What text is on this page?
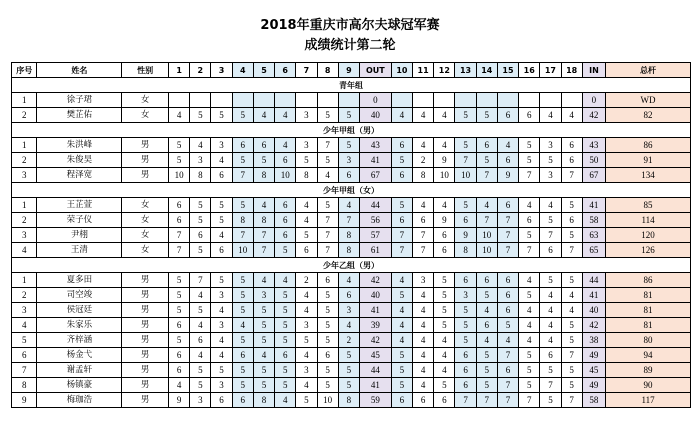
2018年重庆市高尔夫球冠军赛
成绩统计第二轮
序号	姓名	性别	1	2	3	4	5	6	7	8	9	OUT	10	11	12	13	14	15	16	17	18	IN	总杆
青年组																							
1	徐子珺	女										0										0	WD
2	樊芷佑	女	4	5	5	5	4	4	3	5	5	40	4	4	4	5	5	6	6	4	4	42	82
少年甲组（男）																							
1	朱洪峰	男	5	4	3	6	6	4	3	7	5	43	6	4	4	5	6	4	5	3	6	43	86
2	朱俊昊	男	5	3	4	5	5	6	5	5	3	41	5	2	9	7	5	6	5	5	6	50	91
3	程泽宽	男	10	8	6	7	8	10	8	4	6	67	6	8	10	10	7	9	7	3	7	67	134
少年甲组（女）																							
1	王芷萱	女	6	5	5	5	4	6	4	5	4	44	5	4	4	5	4	6	4	4	5	41	85
2	荣子仪	女	6	5	5	8	8	6	4	7	7	56	6	6	9	6	7	7	6	5	6	58	114
3	尹栩	女	7	6	4	7	7	6	5	7	8	57	7	7	6	9	10	7	5	7	5	63	120
4	王清	女	7	5	6	10	7	5	6	7	8	61	7	7	6	8	10	7	7	6	7	65	126
少年乙组（男）																							
1	夏多田	男	5	7	5	5	4	4	2	6	4	42	4	3	5	6	6	6	4	5	5	44	86
2	司空竣	男	5	4	3	5	3	5	4	5	6	40	5	4	5	3	5	6	5	4	4	41	81
3	侯冠廷	男	5	5	4	5	5	5	4	5	3	41	4	4	5	5	4	6	4	4	4	40	81
4	朱家乐	男	6	4	3	4	5	5	3	5	4	39	4	4	5	5	6	5	4	4	5	42	81
5	齐梓涵	男	5	6	4	5	5	5	5	5	2	42	4	4	4	5	4	4	4	4	5	38	80
6	杨金弋	男	6	4	4	6	4	6	4	6	5	45	5	4	4	6	5	7	5	6	7	49	94
7	谢孟轩	男	6	5	5	5	5	5	3	5	5	44	5	4	4	6	5	6	5	5	5	45	89
8	杨镇豪	男	4	5	3	5	5	5	4	5	5	41	5	4	5	6	5	7	5	7	5	49	90
9	梅珈浩	男	9	3	6	6	8	4	5	10	8	59	6	6	6	7	7	7	7	5	7	58	117
